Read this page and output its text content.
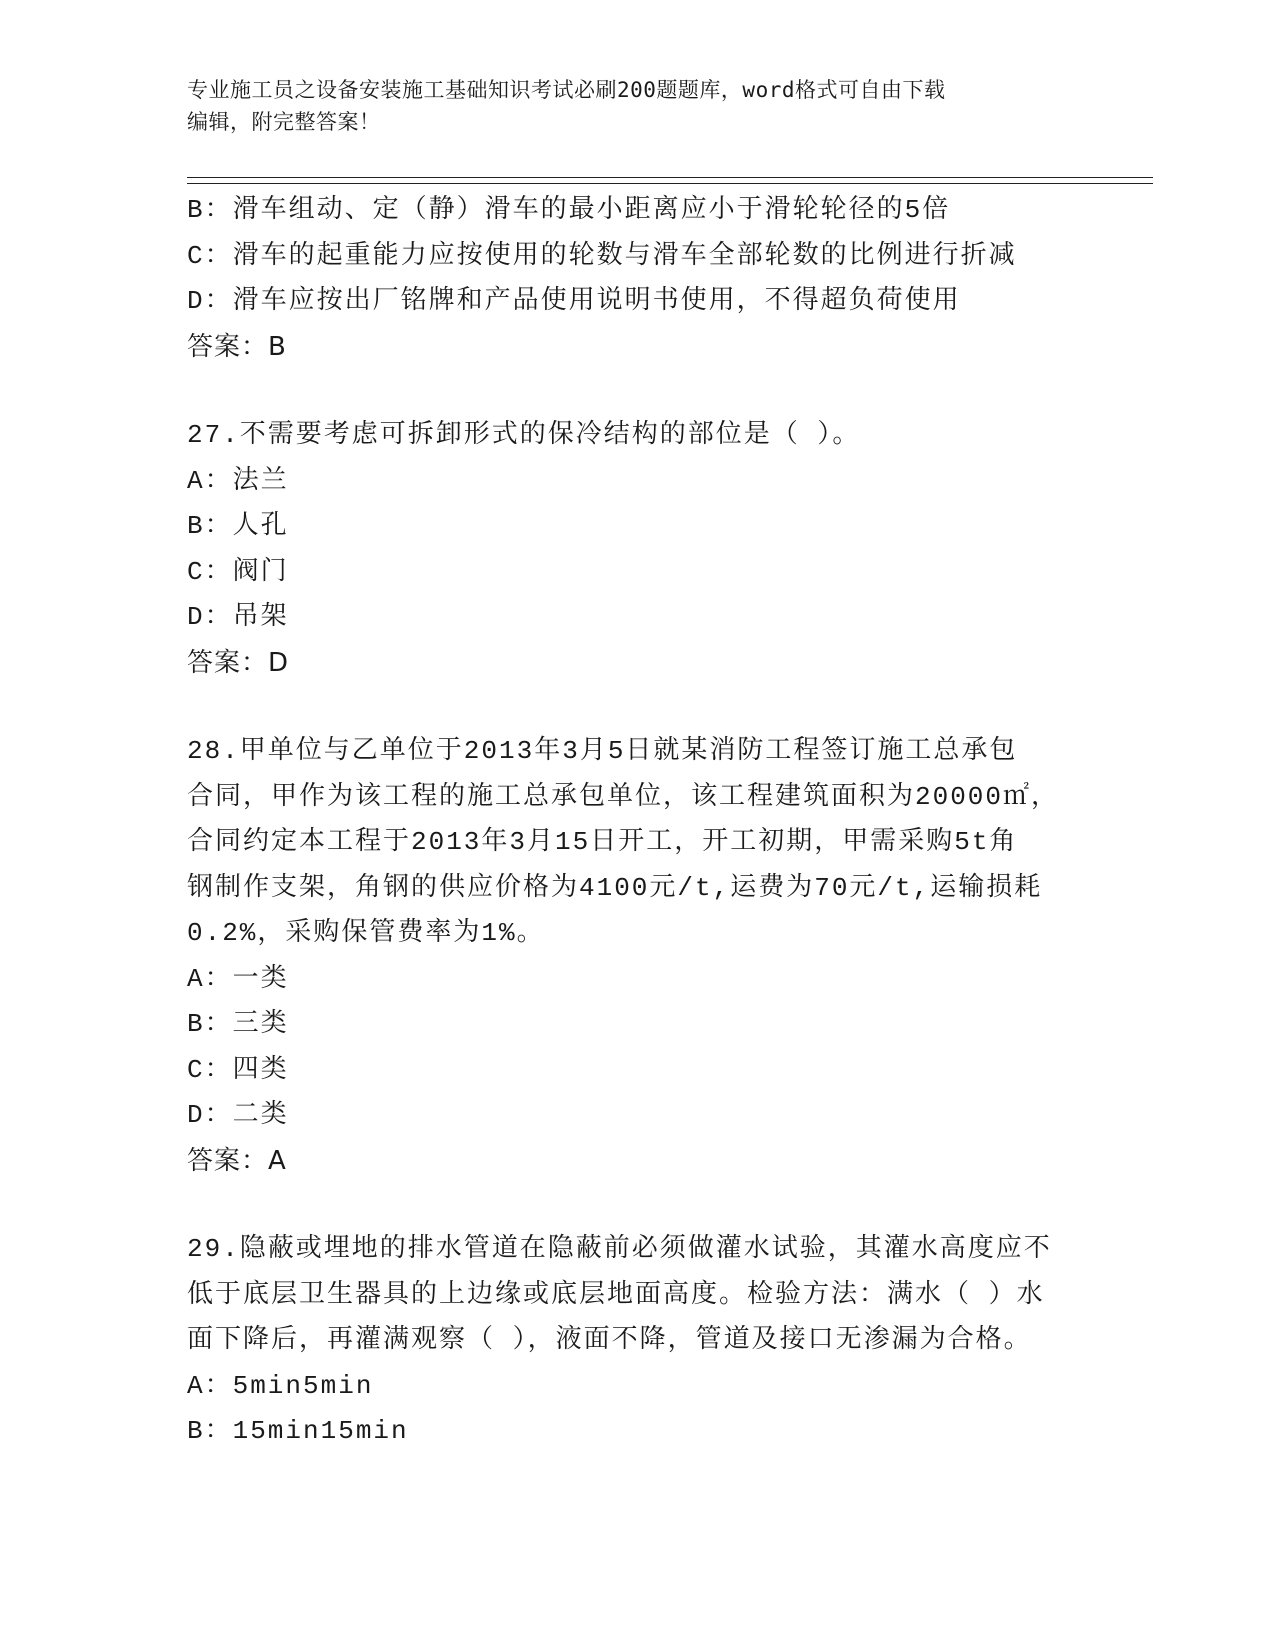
专业施工员之设备安装施工基础知识考试必刷200题题库，word格式可自由下载
编辑，附完整答案！
B：滑车组动、定（静）滑车的最小距离应小于滑轮轮径的5倍
C：滑车的起重能力应按使用的轮数与滑车全部轮数的比例进行折减
D：滑车应按出厂铭牌和产品使用说明书使用，不得超负荷使用
答案：B
27.不需要考虑可拆卸形式的保冷结构的部位是（ ）。
A：法兰
B：人孔
C：阀门
D：吊架
答案：D
28.甲单位与乙单位于2013年3月5日就某消防工程签订施工总承包
合同，甲作为该工程的施工总承包单位，该工程建筑面积为20000㎡，
合同约定本工程于2013年3月15日开工，开工初期，甲需采购5t角
钢制作支架，角钢的供应价格为4100元/t,运费为70元/t,运输损耗
0.2%，采购保管费率为1%。
A：一类
B：三类
C：四类
D：二类
答案：A
29.隐蔽或埋地的排水管道在隐蔽前必须做灌水试验，其灌水高度应不
低于底层卫生器具的上边缘或底层地面高度。检验方法：满水（ ）水
面下降后，再灌满观察（ ），液面不降，管道及接口无渗漏为合格。
A：5min5min
B：15min15min
